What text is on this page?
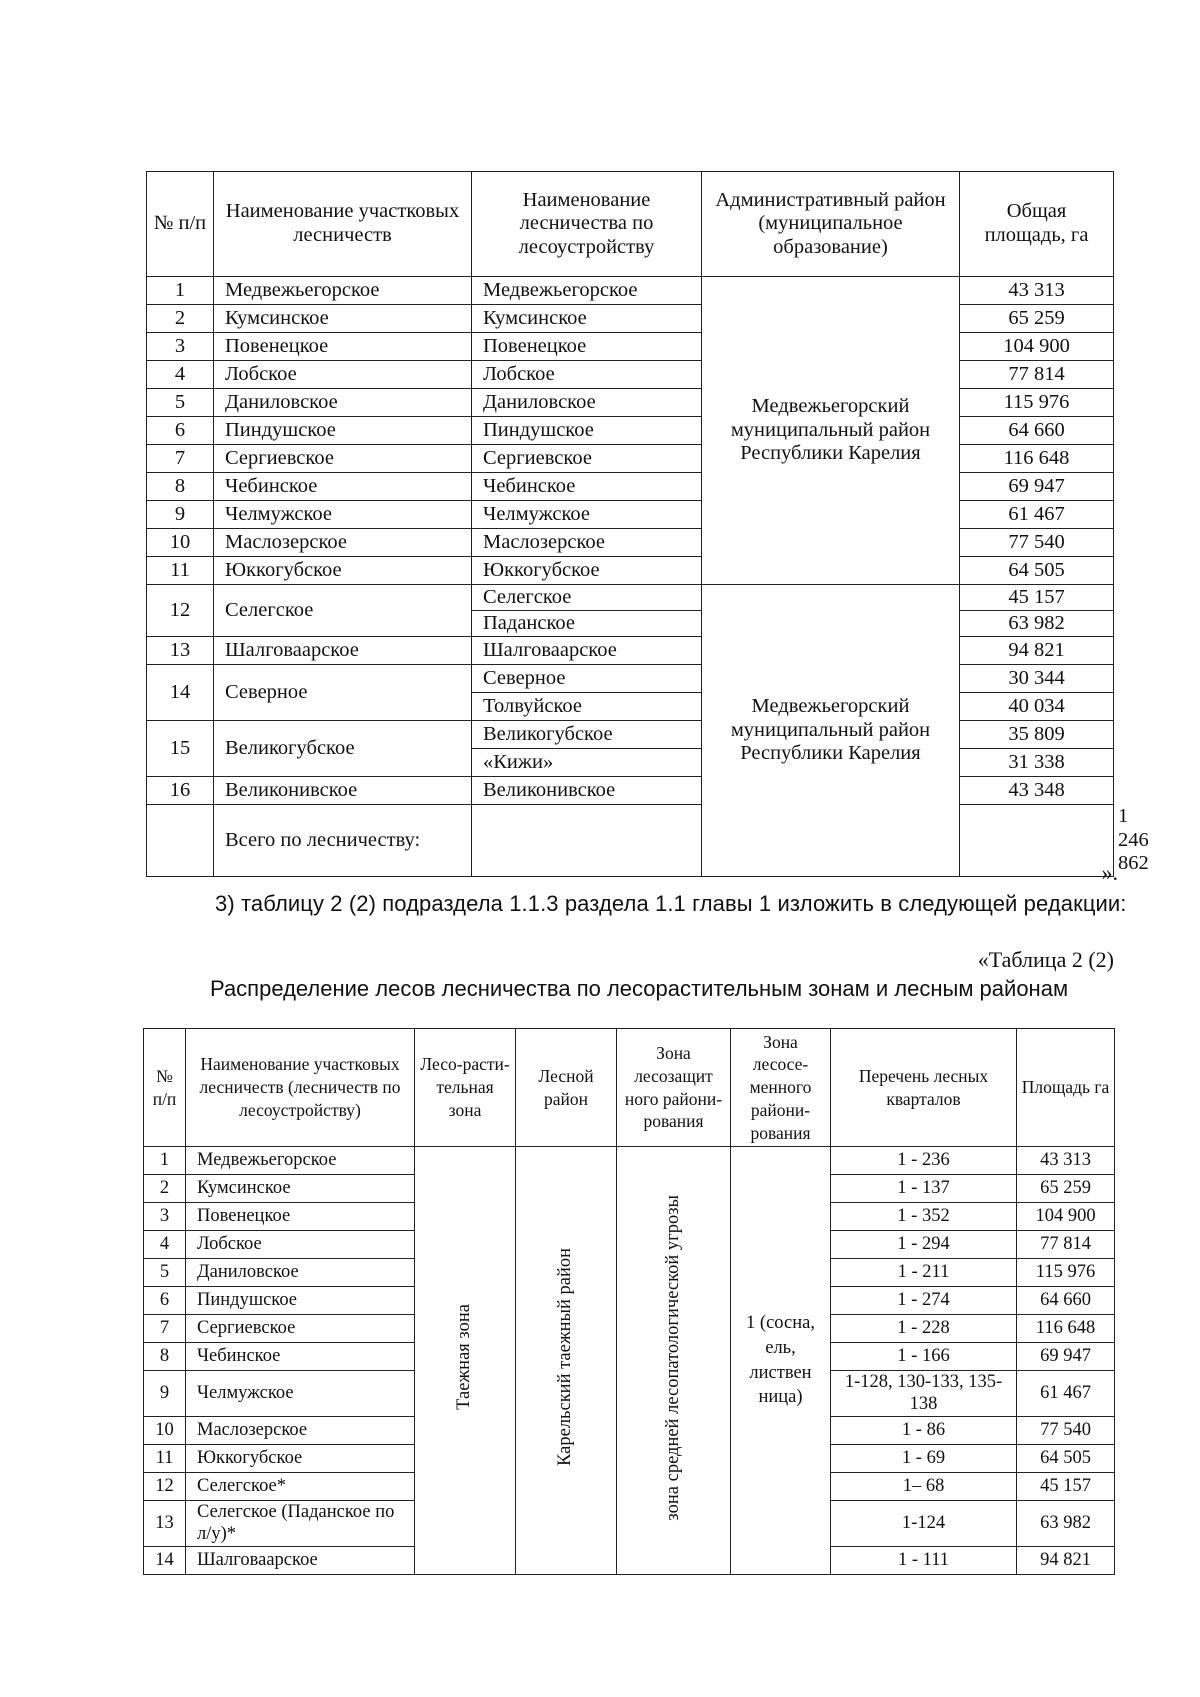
№ п/п	Наименование участковых лесничеств	Наименование лесничества по лесоустройству	Административный район (муниципальное образование)	Общая площадь, га	
1	Медвежьегорское	Медвежьегорское	Медвежьегорский муниципальный район Республики Карелия	43 313	
2	Кумсинское	Кумсинское		65 259	
3	Повенецкое	Повенецкое		104 900	
4	Лобское	Лобское		77 814	
5	Даниловское	Даниловское		115 976	
6	Пиндушское	Пиндушское		64 660	
7	Сергиевское	Сергиевское		116 648	
8	Чебинское	Чебинское		69 947	
9	Челмужское	Челмужское		61 467	
10	Маслозерское	Маслозерское		77 540	
11	Юккогубское	Юккогубское		64 505	
12	Селегское	Селегское	Медвежьегорский муниципальный район Республики Карелия	45 157	
		Паданское		63 982	
13	Шалговаарское	Шалговаарское		94 821	
14	Северное	Северное		30 344	
		Толвуйское		40 034	
15	Великогубское	Великогубское		35 809	
		«Кижи»		31 338	
16	Великонивское	Великонивское		43 348	
	Всего по лесничеству:				1 246 862
».
3) таблицу 2 (2) подраздела 1.1.3 раздела 1.1 главы 1 изложить в следующей редакции:
«Таблица 2 (2)
Распределение лесов лесничества по лесорастительным зонам и лесным районам
№ п/п	Наименование участковых лесничеств (лесничеств по лесоустройству)	Лесо-расти-тельная зона	Лесной район	Зона лесозащит ного райони-рования	Зона лесосе-менного райони-рования	Перечень лесных кварталов	Площадь га
1	Медвежьегорское	Таежная зона	Карельский таежный район	зона средней лесопатологической угрозы	1 (сосна, ель, листвен ница)	1 - 236	43 313
2	Кумсинское					1 - 137	65 259
3	Повенецкое					1 - 352	104 900
4	Лобское					1 - 294	77 814
5	Даниловское					1 - 211	115 976
6	Пиндушское					1 - 274	64 660
7	Сергиевское					1 - 228	116 648
8	Чебинское					1 - 166	69 947
9	Челмужское					1-128, 130-133, 135-138	61 467
10	Маслозерское					1 - 86	77 540
11	Юккогубское					1 - 69	64 505
12	Селегское*					1– 68	45 157
13	Селегское (Паданское по л/у)*					1-124	63 982
14	Шалговаарское					1 - 111	94 821
